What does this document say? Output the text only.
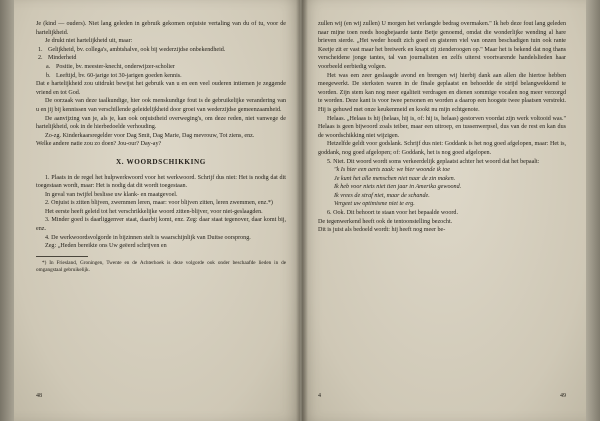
Je (kind — ouders). Niet lang geleden in gebruik gekomen onjuiste vertaling van du of tu, voor de hartelijkheid.

Je drukt niet hartelijkheid uit, maar:

1. Gelijkheid, bv. collega's, ambtshalve, ook bij wederzijdse onbekendheid.

2. Minderheid

a. Positie, bv. meester-knecht, onderwijzer-scholier

b. Leeftijd, bv. 60-jarige tot 30-jarigen goeden kennis.

Dat e hartelijkheid zou uitdrukt bewijst het gebruik van u en een veel ouderen intiemen je zeggende vriend en tot God.

De oorzaak van deze taalkundige, hier ook menskundige fout is de gebruikelijke verandering van u en jij bij kennissen van verschillende geleidelijkheid door groei van wederzijdse gemeenzaamheid.

De aanvijzing van je, als je, kan ook onjuistheid overweging's, om deze reden, niet vanwege de hartelijkheid, ook in de hierbedoelde verhouding.

Zo-zg. Kinderkaarsregelder voor Dag Smit, Dag Marie, Dag mevrouw, Tot ziens, enz.

Welke andere natie zou zo doen? Jou-our? Day-ay?

X. WOORDSCHIKKING

1. Plaats in de regel het hulpwerkwoord voor het werkwoord. Schrijf dus niet: Het is nodig dat dit toegestaan wordt, maar: Het is nodig dat dit wordt toegestaan.

In geval van twijfel beslisse uw klank- en maatgevoel.

2. Onjuist is zitten blijven, zwemmen leren, maar: voor blijven zitten, leren zwemmen, enz.*)

Het eerste heeft geleid tot het verschrikkelijke woord zitten-blijver, voor niet-geslaagden.

3. Minder goed is daarliggenver staat, daarbij komt, enz. Zeg: daar staat tegenover, daar komt bij, enz.

4. De werkwoordsvolgorde in bijzinnen stelt is waarschijnlijk van Duitse oorsprong.

Zeg: „Heden bereikte ons Uw geëerd schrijven en

*) In Friesland, Groningen, Twente en de Achterhoek is deze volgorde ook onder beschaafde lieden in de omgangstaal gebruikelijk.

48

zullen wij (en wij zullen) U morgen het verlangde bedrag overmaken." Ik heb deze fout lang geleden naar mijne toen reeds hoogbejaarde tante Betje genoemd, omdat die wonderlijke wending al hare brieven sierde. „Het weder houdt zich goed en gisteren viel van onzen beschadigen tuin ook rante Keetje zit er vast maar het breiwerk en knapt zij zienderoogen op." Maar het is bekend dat nog thans verscheidene jonge tantes, tal van journalisten en zelfs uiterst voortvarende handelslieden haar voorbeeld eerbiedig volgen.

Het was een zeer geslaagde avond en brengen wij hierbij dank aan allen die hiertoe hebben meegewerkt. De sterksten waren in de finale geplaatst en behoedde de strijd belangwekkend te worden. Zijn stem kan nog meer egaliteit verdragen en dienen sommige vocalen nog meer verzorgd te worden. Deze kant is voor twee personen en worden a daarop een hoogste twee plaatsen verstrekt. Hij is gehuwd met onze keukenmeid en kookt nu mijn echtgenote.

Helaas. „Helaas is hij (helaas, hij is, of: hij is, helaas) gestorven voordat zijn werk voltooid was." Helaas is geen bijwoord zoals teiber, maar een uitroep, en tussenwerpsel, dus van de rest en kan dus de woordschikking niet wijzigen.

Hetzelfde geldt voor godslank. Schrijf dus niet: Goddank is het nog goed afgelopen, maar: Het is, goddank, nog goed afgelopen; of: Goddank, het is nog goed afgelopen.

5. Niet. Dit woord wordt soms verkeerdelijk geplaatst achter het woord dat het bepaalt:

"k Is hier een aerts zaak: we hier woonde ik toe

Je kunt het alle menschen niet naar de zin maken.

Ik heb voor niets niet tien jaar in Amerika gewoond.

Ik vrees de straf niet, maar de schande.

Vergeet uw optimisme niet te erg.

6. Ook. Dit behoort te staan voor het bepaalde woord.

De tegenwerkend heeft ook de tentoonstelling bezocht.

Dit is juist als bedoeld wordt: hij heeft nog meer be-

4	49
